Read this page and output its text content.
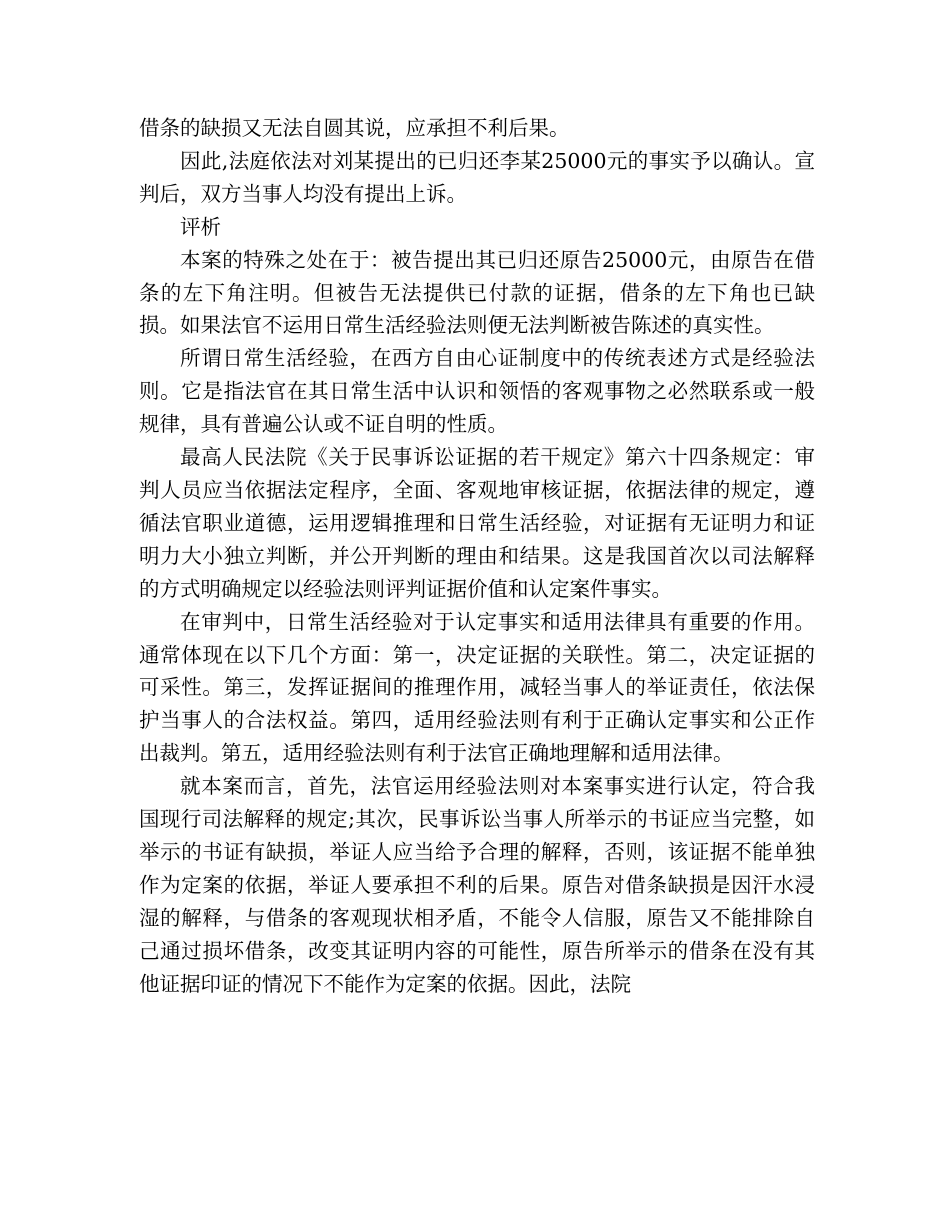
借条的缺损又无法自圆其说，应承担不利后果。

因此,法庭依法对刘某提出的已归还李某25000元的事实予以确认。宣判后，双方当事人均没有提出上诉。

评析

本案的特殊之处在于：被告提出其已归还原告25000元，由原告在借条的左下角注明。但被告无法提供已付款的证据，借条的左下角也已缺损。如果法官不运用日常生活经验法则便无法判断被告陈述的真实性。

所谓日常生活经验，在西方自由心证制度中的传统表述方式是经验法则。它是指法官在其日常生活中认识和领悟的客观事物之必然联系或一般规律，具有普遍公认或不证自明的性质。

最高人民法院《关于民事诉讼证据的若干规定》第六十四条规定：审判人员应当依据法定程序，全面、客观地审核证据，依据法律的规定，遵循法官职业道德，运用逻辑推理和日常生活经验，对证据有无证明力和证明力大小独立判断，并公开判断的理由和结果。这是我国首次以司法解释的方式明确规定以经验法则评判证据价值和认定案件事实。

在审判中，日常生活经验对于认定事实和适用法律具有重要的作用。通常体现在以下几个方面：第一，决定证据的关联性。第二，决定证据的可采性。第三，发挥证据间的推理作用，减轻当事人的举证责任，依法保护当事人的合法权益。第四，适用经验法则有利于正确认定事实和公正作出裁判。第五，适用经验法则有利于法官正确地理解和适用法律。

就本案而言，首先，法官运用经验法则对本案事实进行认定，符合我国现行司法解释的规定;其次，民事诉讼当事人所举示的书证应当完整，如举示的书证有缺损，举证人应当给予合理的解释，否则，该证据不能单独作为定案的依据，举证人要承担不利的后果。原告对借条缺损是因汗水浸湿的解释，与借条的客观现状相矛盾，不能令人信服，原告又不能排除自己通过损坏借条，改变其证明内容的可能性，原告所举示的借条在没有其他证据印证的情况下不能作为定案的依据。因此，法院
